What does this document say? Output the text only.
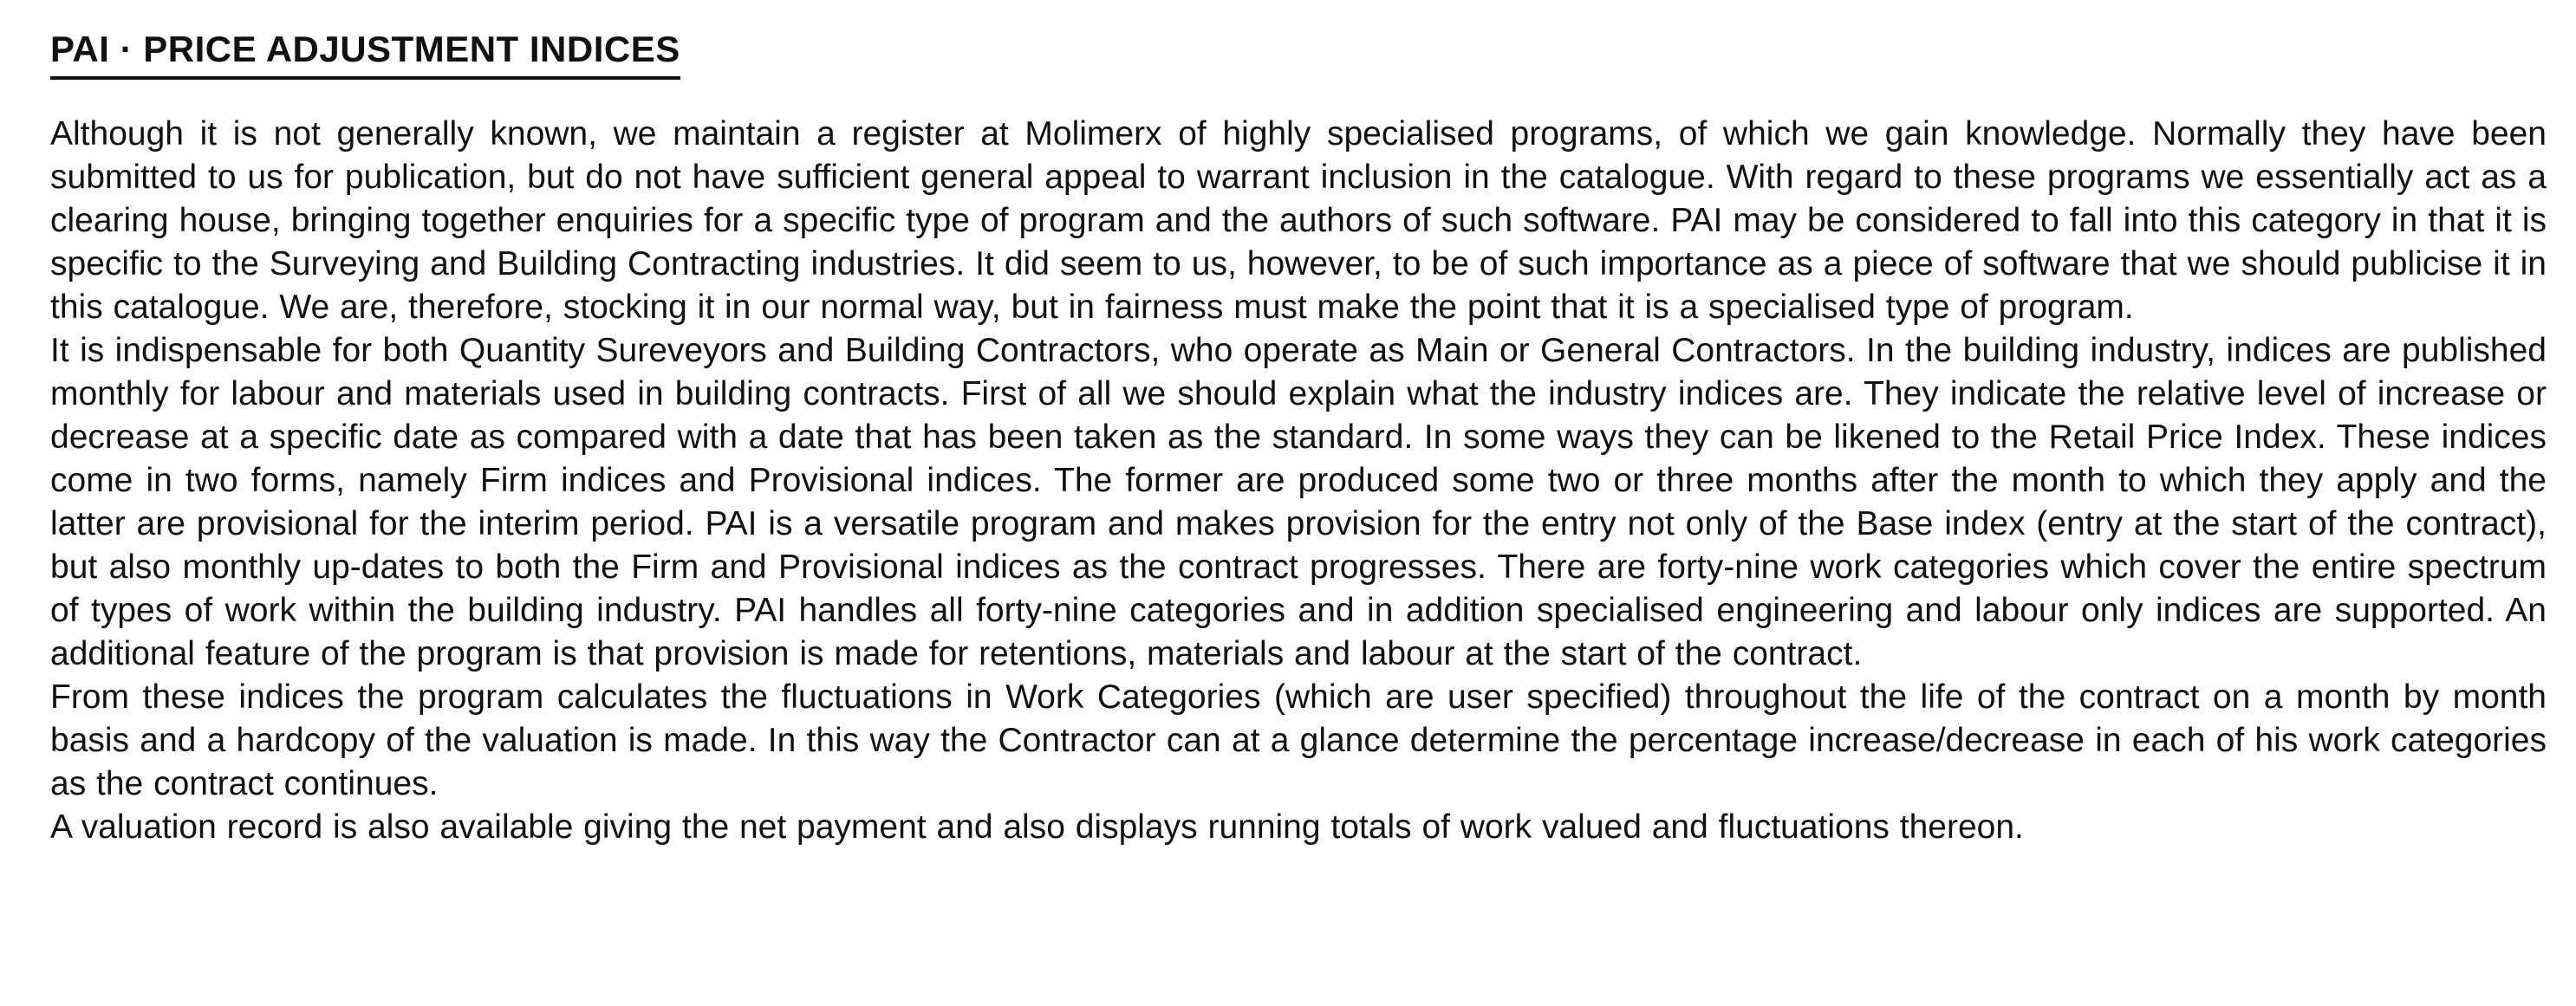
PAI · PRICE ADJUSTMENT INDICES

Although it is not generally known, we maintain a register at Molimerx of highly specialised programs, of which we gain knowledge. Normally they have been submitted to us for publication, but do not have sufficient general appeal to warrant inclusion in the catalogue. With regard to these programs we essentially act as a clearing house, bringing together enquiries for a specific type of program and the authors of such software. PAI may be considered to fall into this category in that it is specific to the Surveying and Building Contracting industries. It did seem to us, however, to be of such importance as a piece of software that we should publicise it in this catalogue. We are, therefore, stocking it in our normal way, but in fairness must make the point that it is a specialised type of program.

It is indispensable for both Quantity Sureveyors and Building Contractors, who operate as Main or General Contractors. In the building industry, indices are published monthly for labour and materials used in building contracts. First of all we should explain what the industry indices are. They indicate the relative level of increase or decrease at a specific date as compared with a date that has been taken as the standard. In some ways they can be likened to the Retail Price Index. These indices come in two forms, namely Firm indices and Provisional indices. The former are produced some two or three months after the month to which they apply and the latter are provisional for the interim period. PAI is a versatile program and makes provision for the entry not only of the Base index (entry at the start of the contract), but also monthly up-dates to both the Firm and Provisional indices as the contract progresses. There are forty-nine work categories which cover the entire spectrum of types of work within the building industry. PAI handles all forty-nine categories and in addition specialised engineering and labour only indices are supported. An additional feature of the program is that provision is made for retentions, materials and labour at the start of the contract.

From these indices the program calculates the fluctuations in Work Categories (which are user specified) throughout the life of the contract on a month by month basis and a hardcopy of the valuation is made. In this way the Contractor can at a glance determine the percentage increase/decrease in each of his work categories as the contract continues.

A valuation record is also available giving the net payment and also displays running totals of work valued and fluctuations thereon.
